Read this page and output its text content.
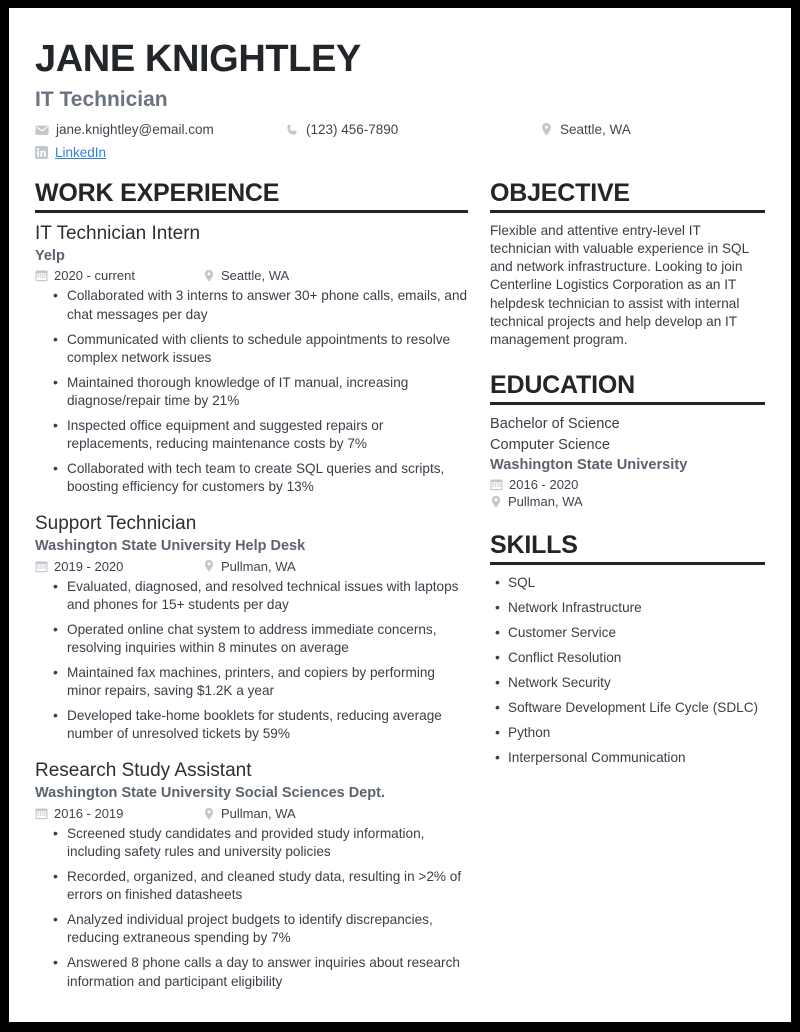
JANE KNIGHTLEY
IT Technician
jane.knightley@email.com	(123) 456-7890	Seattle, WA
LinkedIn
WORK EXPERIENCE
IT Technician Intern
Yelp
2020 - current	Seattle, WA
• Collaborated with 3 interns to answer 30+ phone calls, emails, and chat messages per day
• Communicated with clients to schedule appointments to resolve complex network issues
• Maintained thorough knowledge of IT manual, increasing diagnose/repair time by 21%
• Inspected office equipment and suggested repairs or replacements, reducing maintenance costs by 7%
• Collaborated with tech team to create SQL queries and scripts, boosting efficiency for customers by 13%
Support Technician
Washington State University Help Desk
2019 - 2020	Pullman, WA
• Evaluated, diagnosed, and resolved technical issues with laptops and phones for 15+ students per day
• Operated online chat system to address immediate concerns, resolving inquiries within 8 minutes on average
• Maintained fax machines, printers, and copiers by performing minor repairs, saving $1.2K a year
• Developed take-home booklets for students, reducing average number of unresolved tickets by 59%
Research Study Assistant
Washington State University Social Sciences Dept.
2016 - 2019	Pullman, WA
• Screened study candidates and provided study information, including safety rules and university policies
• Recorded, organized, and cleaned study data, resulting in >2% of errors on finished datasheets
• Analyzed individual project budgets to identify discrepancies, reducing extraneous spending by 7%
• Answered 8 phone calls a day to answer inquiries about research information and participant eligibility
OBJECTIVE
Flexible and attentive entry-level IT technician with valuable experience in SQL and network infrastructure. Looking to join Centerline Logistics Corporation as an IT helpdesk technician to assist with internal technical projects and help develop an IT management program.
EDUCATION
Bachelor of Science
Computer Science
Washington State University
2016 - 2020
Pullman, WA
SKILLS
• SQL
• Network Infrastructure
• Customer Service
• Conflict Resolution
• Network Security
• Software Development Life Cycle (SDLC)
• Python
• Interpersonal Communication
